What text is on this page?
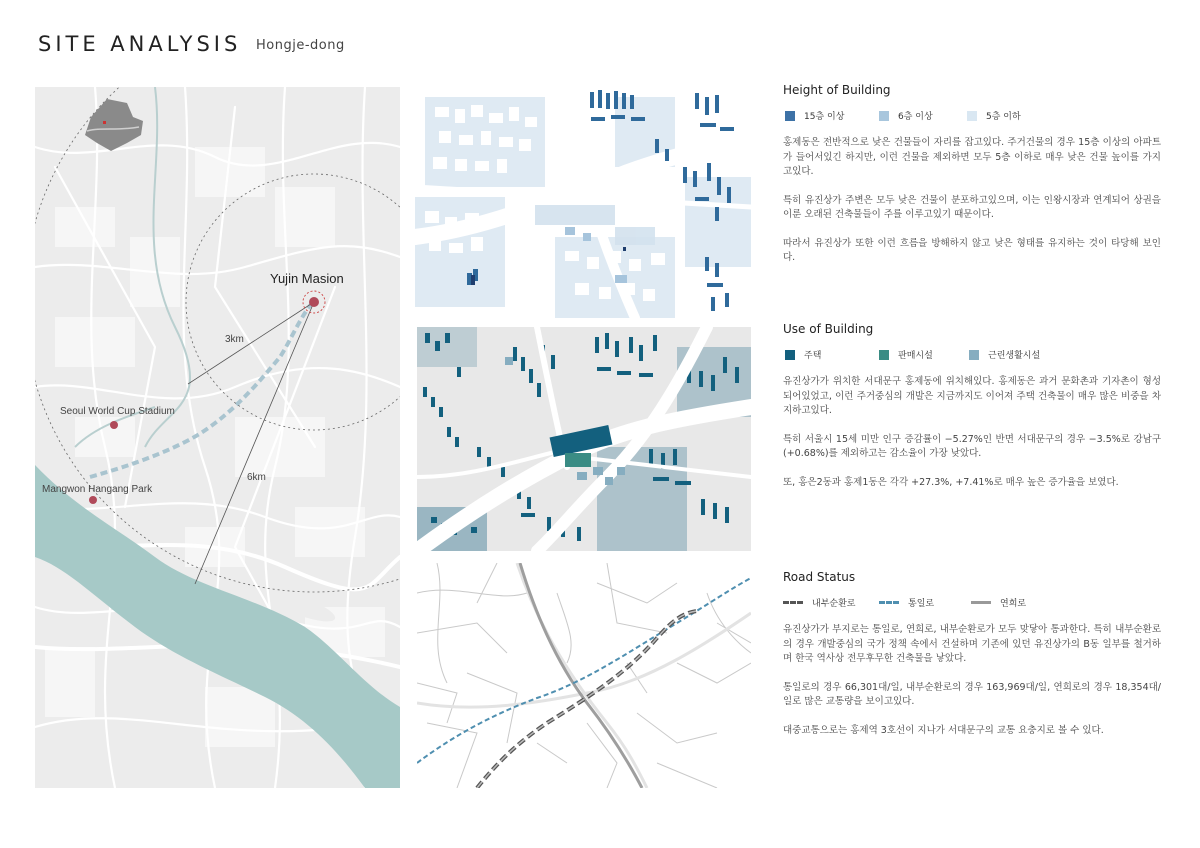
SITE ANALYSIS Hongje-dong
Yujin Masion
3km
6km
Seoul World Cup Stadium
Mangwon Hangang Park
Height of Building
15층 이상	6층 이상	5층 이하

홍제동은 전반적으로 낮은 건물들이 자리를 잡고있다. 주거건물의 경우 15층 이상의 아파트가 들어서있긴 하지만, 이런 건물을 제외하면 모두 5층 이하로 매우 낮은 건물 높이를 가지고있다.

특히 유진상가 주변은 모두 낮은 건물이 분포하고있으며, 이는 인왕시장과 연계되어 상권을 이룬 오래된 건축물들이 주를 이루고있기 때문이다.

따라서 유진상가 또한 이런 흐름을 방해하지 않고 낮은 형태를 유지하는 것이 타당해 보인다.

Use of Building
주택	판매시설	근린생활시설

유진상가가 위치한 서대문구 홍제동에 위치해있다. 홍제동은 과거 문화촌과 기자촌이 형성되어있었고, 이런 주거중심의 개발은 지금까지도 이어져 주택 건축물이 매우 많은 비중을 차지하고있다.

특히 서울시 15세 미만 인구 증감률이 −5.27%인 반면 서대문구의 경우 −3.5%로 강남구(+0.68%)를 제외하고는 감소율이 가장 낮았다.

또, 홍은2동과 홍제1동은 각각 +27.3%, +7.41%로 매우 높은 증가율을 보였다.

Road Status
내부순환로	통일로	연희로

유진상가가 부지로는 통일로, 연희로, 내부순환로가 모두 맞닿아 통과한다. 특히 내부순환로의 경우 개발중심의 국가 정책 속에서 건설하며 기존에 있던 유진상가의 B동 일부를 철거하며 한국 역사상 전무후무한 건축물을 낳았다.

통일로의 경우 66,301대/일, 내부순환로의 경우 163,969대/일, 연희로의 경우 18,354대/일로 많은 교통량을 보이고있다.

대중교통으로는 홍제역 3호선이 지나가 서대문구의 교통 요충지로 볼 수 있다.
